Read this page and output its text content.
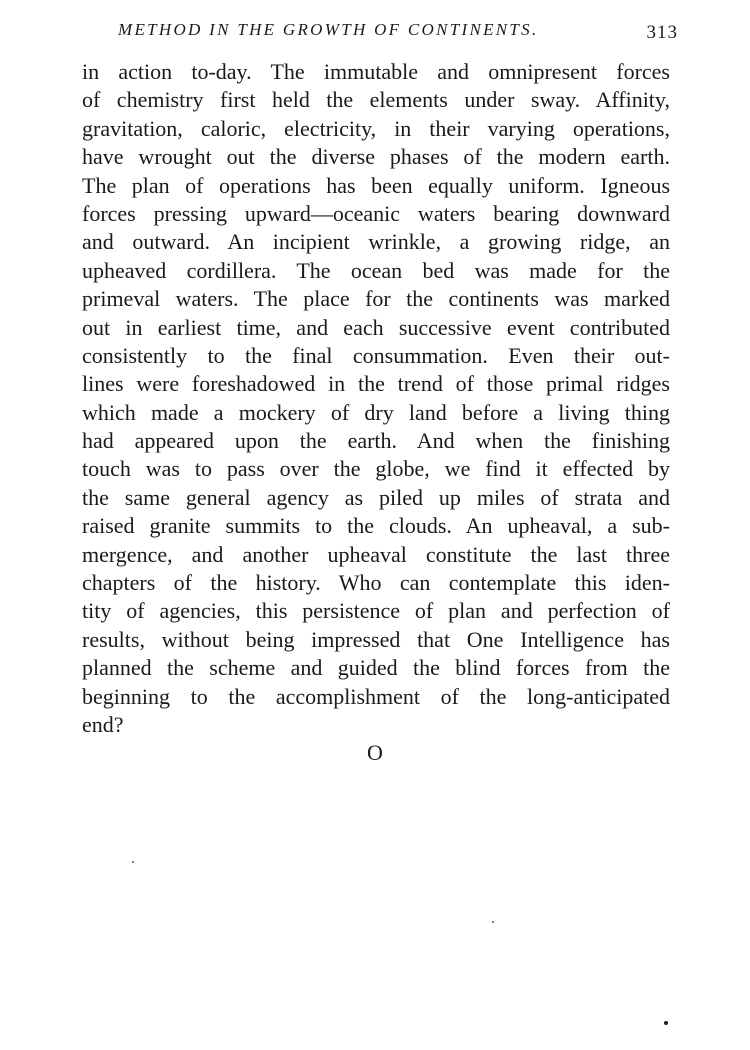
METHOD IN THE GROWTH OF CONTINENTS.	313
in action to-day. The immutable and omnipresent forces
of chemistry first held the elements under sway. Affinity,
gravitation, caloric, electricity, in their varying operations,
have wrought out the diverse phases of the modern earth.
The plan of operations has been equally uniform. Igneous
forces pressing upward—oceanic waters bearing downward
and outward. An incipient wrinkle, a growing ridge, an
upheaved cordillera. The ocean bed was made for the
primeval waters. The place for the continents was marked
out in earliest time, and each successive event contributed
consistently to the final consummation. Even their out-
lines were foreshadowed in the trend of those primal ridges
which made a mockery of dry land before a living thing
had appeared upon the earth. And when the finishing
touch was to pass over the globe, we find it effected by
the same general agency as piled up miles of strata and
raised granite summits to the clouds. An upheaval, a sub-
mergence, and another upheaval constitute the last three
chapters of the history. Who can contemplate this iden-
tity of agencies, this persistence of plan and perfection of
results, without being impressed that One Intelligence has
planned the scheme and guided the blind forces from the
beginning to the accomplishment of the long-anticipated
end?
O
